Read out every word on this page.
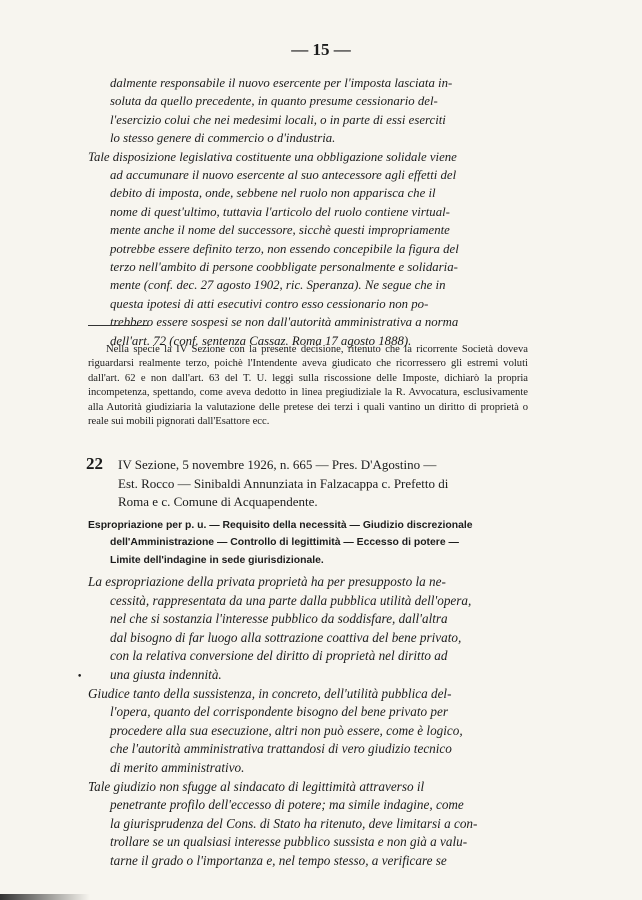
— 15 —

dalmente responsabile il nuovo esercente per l'imposta lasciata in-
soluta da quello precedente, in quanto presume cessionario del-
l'esercizio colui che nei medesimi locali, o in parte di essi eserciti
lo stesso genere di commercio o d'industria.

Tale disposizione legislativa costituente una obbligazione solidale viene
ad accumunare il nuovo esercente al suo antecessore agli effetti del
debito di imposta, onde, sebbene nel ruolo non apparisca che il
nome di quest'ultimo, tuttavia l'articolo del ruolo contiene virtual-
mente anche il nome del successore, sicchè questi impropriamente
potrebbe essere definito terzo, non essendo concepibile la figura del
terzo nell'ambito di persone coobbligate personalmente e solidaria-
mente (conf. dec. 27 agosto 1902, ric. Speranza). Ne segue che in
questa ipotesi di atti esecutivi contro esso cessionario non po-
trebbero essere sospesi se non dall'autorità amministrativa a norma
dell'art. 72 (conf. sentenza Cassaz. Roma 17 agosto 1888).

Nella specie la IV Sezione con la presente decisione, ritenuto che la ricorrente Società doveva riguardarsi realmente terzo, poichè l'Intendente aveva giudicato che ricorressero gli estremi voluti dall'art. 62 e non dall'art. 63 del T. U. leggi sulla riscossione delle Imposte, dichiarò la propria incompetenza, spettando, come aveva dedotto in linea pregiudiziale la R. Avvocatura, esclusivamente alla Autorità giudiziaria la valutazione delle pretese dei terzi i quali vantino un diritto di proprietà o reale sui mobili pignorati dall'Esattore ecc.
22	IV Sezione, 5 novembre 1926, n. 665 — Pres. D'Agostino —
Est. Rocco — Sinibaldi Annunziata in Falzacappa c. Prefetto di
Roma e c. Comune di Acquapendente.
Espropriazione per p. u. — Requisito della necessità — Giudizio discrezionale
dell'Amministrazione — Controllo di legittimità — Eccesso di potere —
Limite dell'indagine in sede giurisdizionale.
•

La espropriazione della privata proprietà ha per presupposto la ne-
cessità, rappresentata da una parte dalla pubblica utilità dell'opera,
nel che si sostanzia l'interesse pubblico da soddisfare, dall'altra
dal bisogno di far luogo alla sottrazione coattiva del bene privato,
con la relativa conversione del diritto di proprietà nel diritto ad
una giusta indennità.

Giudice tanto della sussistenza, in concreto, dell'utilità pubblica del-
l'opera, quanto del corrispondente bisogno del bene privato per
procedere alla sua esecuzione, altri non può essere, come è logico,
che l'autorità amministrativa trattandosi di vero giudizio tecnico
di merito amministrativo.

Tale giudizio non sfugge al sindacato di legittimità attraverso il
penetrante profilo dell'eccesso di potere; ma simile indagine, come
la giurisprudenza del Cons. di Stato ha ritenuto, deve limitarsi a con-
trollare se un qualsiasi interesse pubblico sussista e non già a valu-
tarne il grado o l'importanza e, nel tempo stesso, a verificare se
